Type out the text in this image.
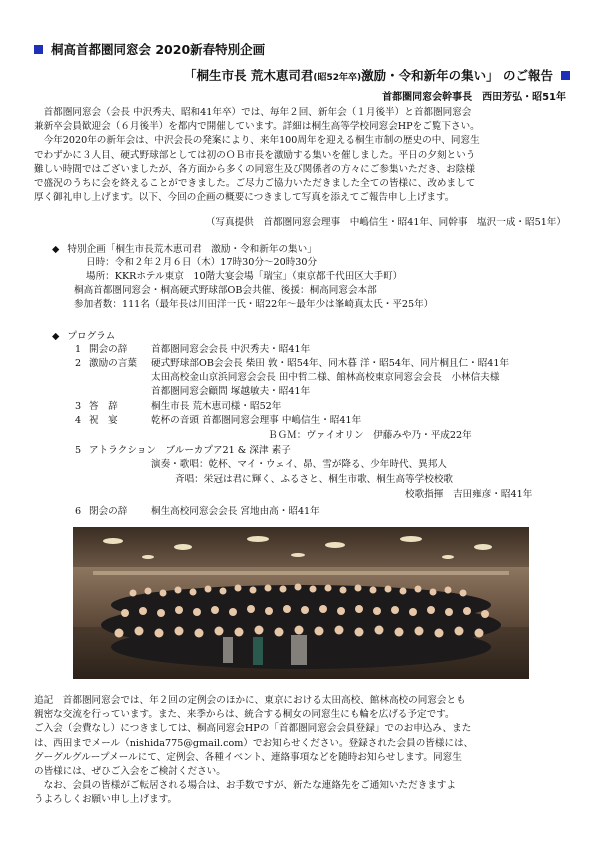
桐高首都圏同窓会 2020新春特別企画
「桐生市長 荒木恵司君(昭52年卒)激励・令和新年の集い」 のご報告
首都圏同窓会幹事長 西田芳弘・昭51年

首都圏同窓会（会長 中沢秀夫、昭和41年卒）では、毎年２回、新年会（１月後半）と首都圏同窓会

兼新卒会員歓迎会（６月後半）を都内で開催しています。詳細は桐生高等学校同窓会HPをご覧下さい。

今年2020年の新年会は、中沢会長の発案により、来年100周年を迎える桐生市制の歴史の中、同窓生

でわずかに３人目、硬式野球部としては初のＯＢ市長を激励する集いを催しました。平日の夕刻という

難しい時間ではございましたが、各方面から多くの同窓生及び関係者の方々にご参集いただき、お陰様

で盛況のうちに会を終えることができました。ご尽力ご協力いただきました全ての皆様に、改めまして

厚く御礼申し上げます。以下、今回の企画の概要につきまして写真を添えてご報告申し上げます。

（写真提供　首都圏同窓会理事　中嶋信生・昭41年、同幹事　塩沢一成・昭51年）
◆ 特別企画「桐生市長荒木恵司君　激励・令和新年の集い」
日時：令和２年２月６日（木）17時30分〜20時30分
場所：KKRホテル東京　10階大宴会場「瑞宝」（東京都千代田区大手町）
桐高首都圏同窓会・桐高硬式野球部OB会共催、後援：桐高同窓会本部
参加者数：111名（最年長は川田洋一氏・昭22年〜最年少は峯崎真太氏・平25年）
◆ プログラム
1 開会の辞 首都圏同窓会会長 中沢秀夫・昭41年
2 激励の言葉 硬式野球部OB会会長 柴田 敦・昭54年、同木暮 洋・昭54年、同片桐且仁・昭41年
太田高校金山京浜同窓会会長 田中哲二様、館林高校東京同窓会会長　小林信夫様
首都圏同窓会顧問 塚越敏夫・昭41年
3 答　辞	桐生市長 荒木恵司様・昭52年
4 祝　宴	乾杯の音頭 首都圏同窓会理事 中嶋信生・昭41年
ＢＧＭ：ヴァイオリン　伊藤みや乃・平成22年
5 アトラクション　ブルーカプア21 & 深津 素子
演奏・歌唱：乾杯、マイ・ウェイ、昴、雪が降る、少年時代、異邦人
斉唱：栄冠は君に輝く、ふるさと、桐生市歌、桐生高等学校校歌
校歌指揮　吉田雍彦・昭41年
6 閉会の辞 桐生高校同窓会会長 宮地由高・昭41年

追記　首都圏同窓会では、年２回の定例会のほかに、東京における太田高校、館林高校の同窓会とも

親密な交流を行っています。また、来季からは、統合する桐女の同窓生にも輪を広げる予定です。

ご入会（会費なし）につきましては、桐高同窓会HPの「首都圏同窓会会員登録」でのお申込み、また

は、西田までメール（nishida775@gmail.com）でお知らせください。登録された会員の皆様には、

グーグルグループメールにて、定例会、各種イベント、連絡事項などを随時お知らせします。同窓生

の皆様には、ぜひご入会をご検討ください。

なお、会員の皆様がご転居される場合は、お手数ですが、新たな連絡先をご通知いただきますよ

うよろしくお願い申し上げます。
